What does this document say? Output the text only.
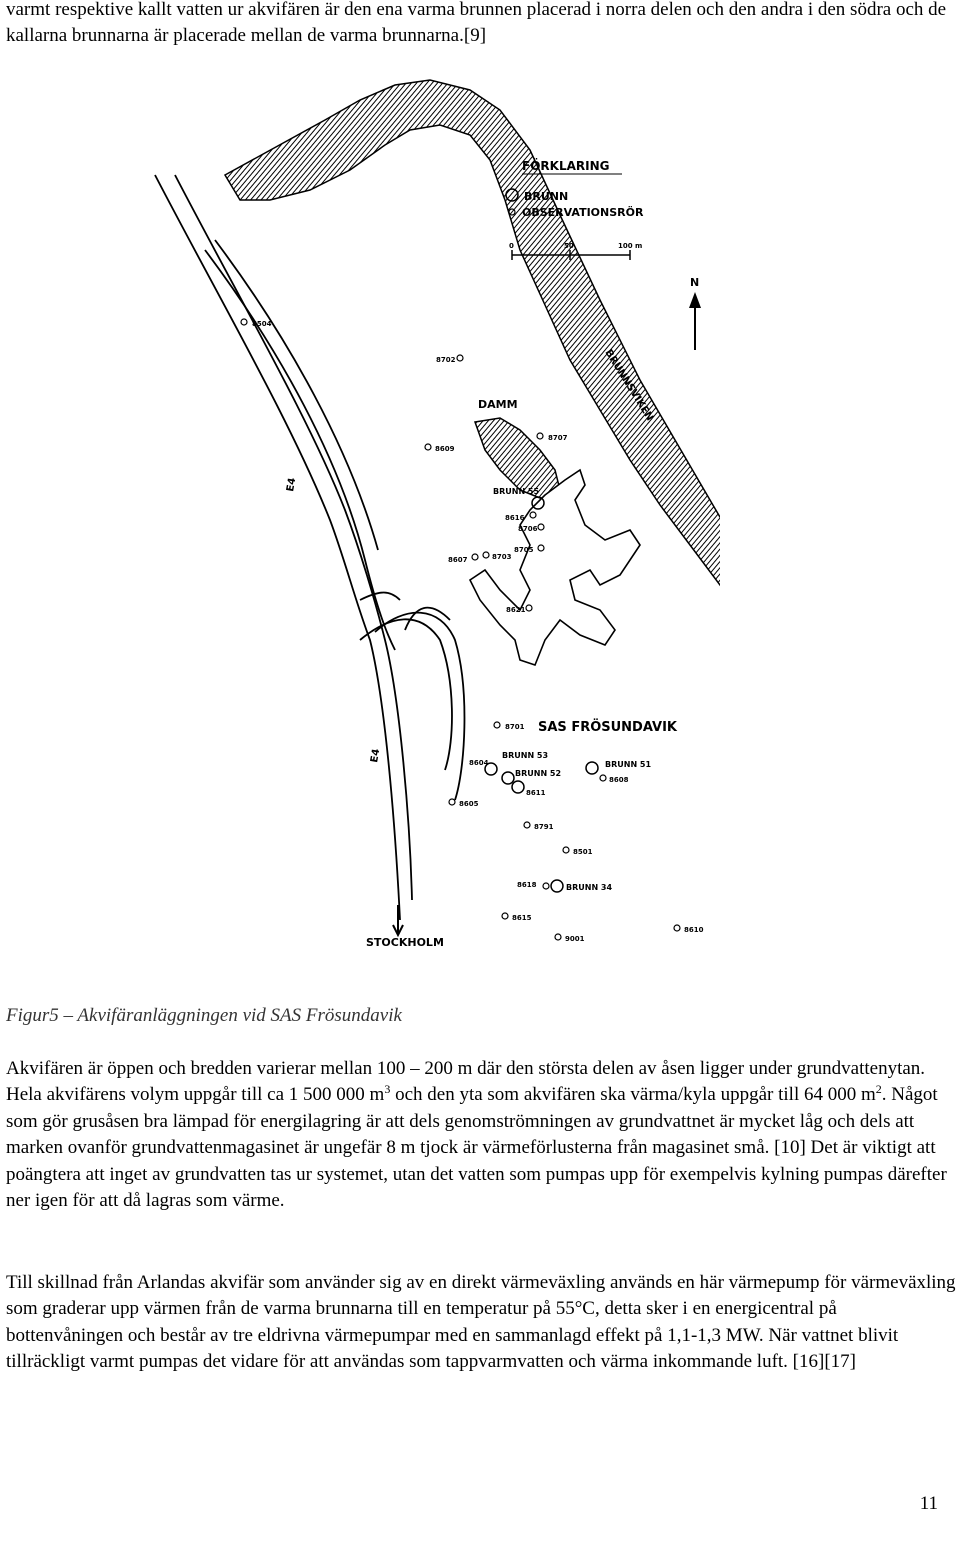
varmt respektive kallt vatten ur akvifären är den ena varma brunnen placerad i norra delen och den andra i den södra och de kallarna brunnarna är placerade mellan de varma brunnarna.[9]

FÖRKLARING
BRUNN
OBSERVATIONSRÖR
0	50	100 m
N
BRUNNSVIKEN
DAMM
SAS FRÖSUNDAVIK
STOCKHOLM
E4
E4
BRUNN 55
BRUNN 53
BRUNN 52
BRUNN 51
BRUNN 34
8504
8702
8609
8707
8616
8706
8705
8607	8703
8621
8701
8604
8608
8611
8605
8791
8501
8618
8615
9001
8610

Figur5 – Akvifäranläggningen vid SAS Frösundavik

Akvifären är öppen och bredden varierar mellan 100 – 200 m där den största delen av åsen ligger under grundvattenytan. Hela akvifärens volym uppgår till ca 1 500 000 $m^3$ och den yta som akvifären ska värma/kyla uppgår till 64 000 $m^2$. Något som gör grusåsen bra lämpad för energilagring är att dels genomströmningen av grundvattnet är mycket låg och dels att marken ovanför grundvattenmagasinet är ungefär 8 m tjock är värmeförlusterna från magasinet små. [10] Det är viktigt att poängtera att inget av grundvatten tas ur systemet, utan det vatten som pumpas upp för exempelvis kylning pumpas därefter ner igen för att då lagras som värme.

Till skillnad från Arlandas akvifär som använder sig av en direkt värmeväxling används en här värmepump för värmeväxling som graderar upp värmen från de varma brunnarna till en temperatur på 55°C, detta sker i en energicentral på bottenvåningen och består av tre eldrivna värmepumpar med en sammanlagd effekt på 1,1-1,3 MW. När vattnet blivit tillräckligt varmt pumpas det vidare för att användas som tappvarmvatten och värma inkommande luft. [16][17]

11
